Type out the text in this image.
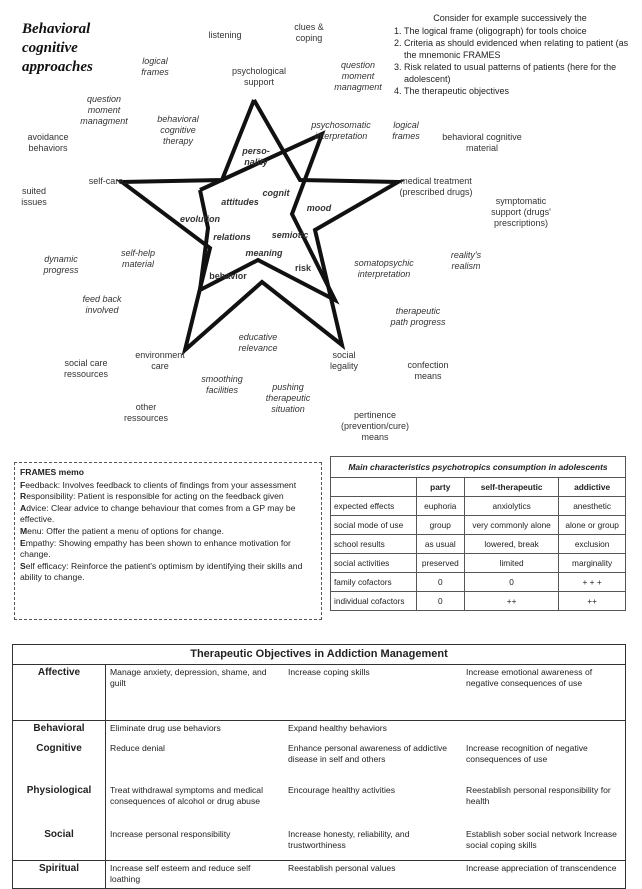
Behavioral cognitive approaches
Consider for example successively the
1. The logical frame (oligograph) for tools choice
2. Criteria as should evidenced when relating to patient (as the mnemonic FRAMES
3. Risk related to usual patterns of patients (here for the adolescent)
4. The therapeutic objectives
perso-nality
cognit
attitudes
mood
evolution
relations	semiotic
meaning
behavior
risk
listening
clues & coping
psychological support
logical frames
question moment managment
question moment managment
avoidance behaviors
behavioral cognitive therapy
psychosomatic interpretation
logical frames	behavioral cognitive material
self-care	medical treatment (prescribed drugs)
symptomatic support (drugs' prescriptions)
suited issues
self-help material
dynamic progress
reality's realism
somatopsychic interpretation
feed back involved	therapeutic path progress
educative relevance
environment care
social legality
social care ressources
confection means
smoothing facilities	pushing therapeutic situation
other ressources	pertinence (prevention/cure) means
FRAMES memo
Feedback: Involves feedback to clients of findings from your assessment
Responsibility: Patient is responsible for acting on the feedback given
Advice: Clear advice to change behaviour that comes from a GP may be effective.
Menu: Offer the patient a menu of options for change.
Empathy: Showing empathy has been shown to enhance motivation for change.
Self efficacy: Reinforce the patient's optimism by identifying their skills and ability to change.
Main characteristics psychotropics consumption in adolescents			
	party	self-therapeutic	addictive
expected effects	euphoria	anxiolytics	anesthetic
social mode of use	group	very commonly alone	alone or group
school results	as usual	lowered, break	exclusion
social activities	preserved	limited	marginality
family cofactors	0	0	+ + +
individual cofactors	0	++	++
Therapeutic Objectives in Addiction Management			
Affective	Manage anxiety, depression, shame, and guilt	Increase coping skills	Increase emotional awareness of negative consequences of use
Behavioral	Eliminate drug use behaviors	Expand healthy behaviors	
Cognitive	Reduce denial	Enhance personal awareness of addictive disease in self and others	Increase recognition of negative consequences of use
Physiological	Treat withdrawal symptoms and medical consequences of alcohol or drug abuse	Encourage healthy activities	Reestablish personal responsibility for health
Social	Increase personal responsibility	Increase honesty, reliability, and trustworthiness	Establish sober social network Increase social coping skills
Spiritual	Increase self esteem and reduce self loathing	Reestablish personal values	Increase appreciation of transcendence
